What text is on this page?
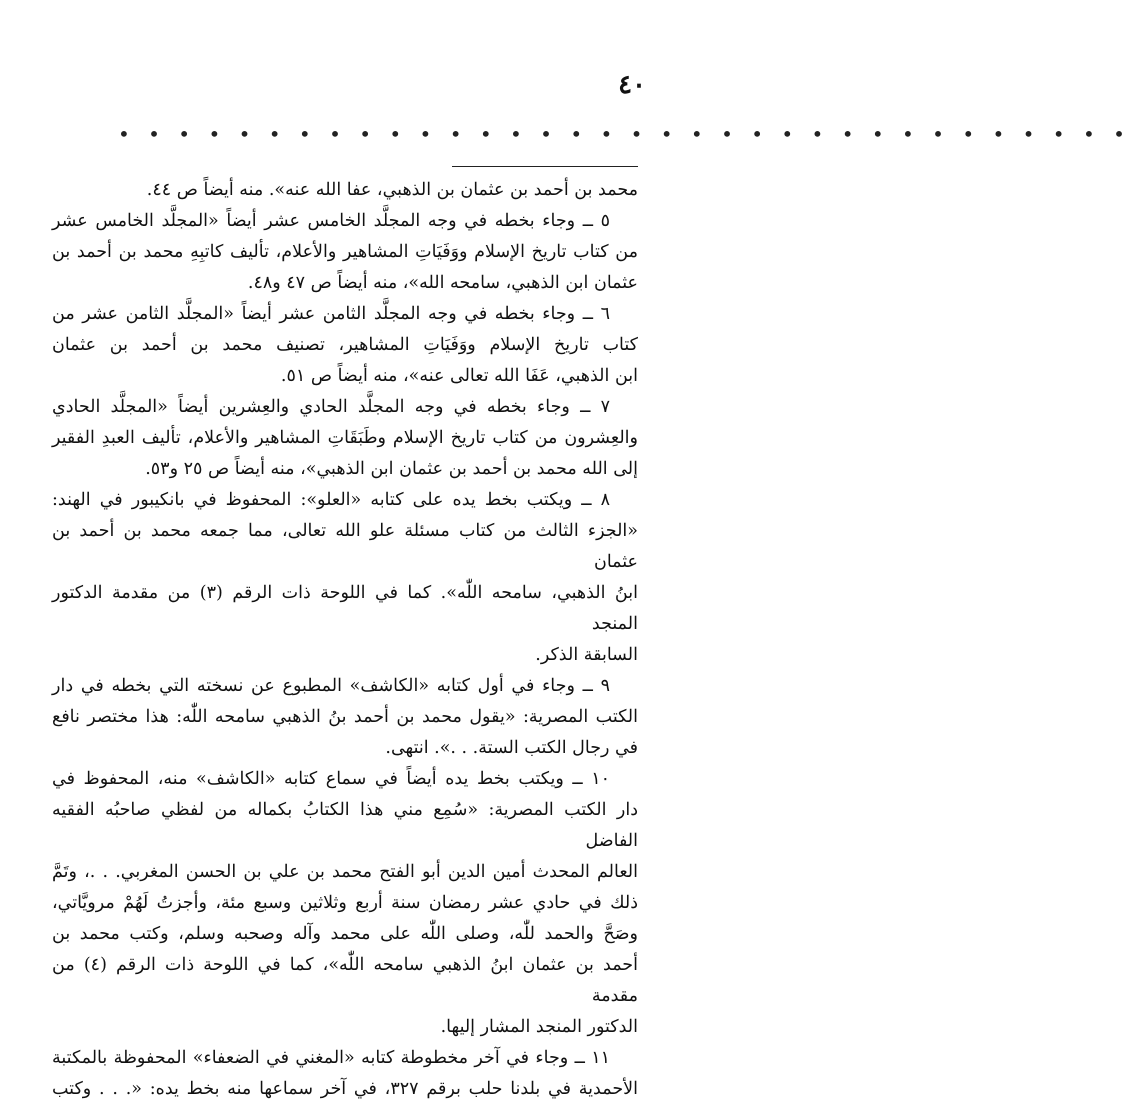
٤٠
• • • • • • • • • • • • • • • • • • • • • • • • • • • • • • • • • •

محمد بن أحمد بن عثمان بن الذهبي، عفا الله عنه». منه أيضاً ص ٤٤.

٥ ــ وجاء بخطه في وجه المجلَّد الخامس عشر أيضاً «المجلَّد الخامس عشر
من كتاب تاريخ الإسلام ووَفَيَاتِ المشاهير والأعلام، تأليف كاتبِهِ محمد بن أحمد بن
عثمان ابن الذهبي، سامحه الله»، منه أيضاً ص ٤٧ و٤٨.

٦ ــ وجاء بخطه في وجه المجلَّد الثامن عشر أيضاً «المجلَّد الثامن عشر من
كتاب تاريخ الإسلام ووَفَيَاتِ المشاهير، تصنيف محمد بن أحمد بن عثمان
ابن الذهبي، عَفَا الله تعالى عنه»، منه أيضاً ص ٥١.

٧ ــ وجاء بخطه في وجه المجلَّد الحادي والعِشرين أيضاً «المجلَّد الحادي
والعِشرون من كتاب تاريخ الإسلام وطَبَقَاتِ المشاهير والأعلام، تأليف العبدِ الفقير
إلى الله محمد بن أحمد بن عثمان ابن الذهبي»، منه أيضاً ص ٢٥ و٥٣.

٨ ــ ويكتب بخط يده على كتابه «العلو»: المحفوظ في بانكيبور في الهند:
«الجزء الثالث من كتاب مسئلة علو الله تعالى، مما جمعه محمد بن أحمد بن عثمان
ابنُ الذهبي، سامحه اللّٰه». كما في اللوحة ذات الرقم (٣) من مقدمة الدكتور المنجد
السابقة الذكر.

٩ ــ وجاء في أول كتابه «الكاشف» المطبوع عن نسخته التي بخطه في دار
الكتب المصرية: «يقول محمد بن أحمد بنُ الذهبي سامحه اللّٰه: هذا مختصر نافع
في رجال الكتب الستة. . .». انتهى.

١٠ ــ ويكتب بخط يده أيضاً في سماع كتابه «الكاشف» منه، المحفوظ في
دار الكتب المصرية: «سُمِع مني هذا الكتابُ بكماله من لفظي صاحبُه الفقيه الفاضل
العالم المحدث أمين الدين أبو الفتح محمد بن علي بن الحسن المغربي. . .، وتَمَّ
ذلك في حادي عشر رمضان سنة أربع وثلاثين وسبع مئة، وأجزتُ لَهُمْ مرويَّاتي،
وصَحَّ والحمد للّٰه، وصلى اللّٰه على محمد وآله وصحبه وسلم، وكتب محمد بن
أحمد بن عثمان ابنُ الذهبي سامحه اللّٰه»، كما في اللوحة ذات الرقم (٤) من مقدمة
الدكتور المنجد المشار إليها.

١١ ــ وجاء في آخر مخطوطة كتابه «المغني في الضعفاء» المحفوظة بالمكتبة
الأحمدية في بلدنا حلب برقم ٣٢٧، في آخر سماعها منه بخط يده: «. . . وكتب
